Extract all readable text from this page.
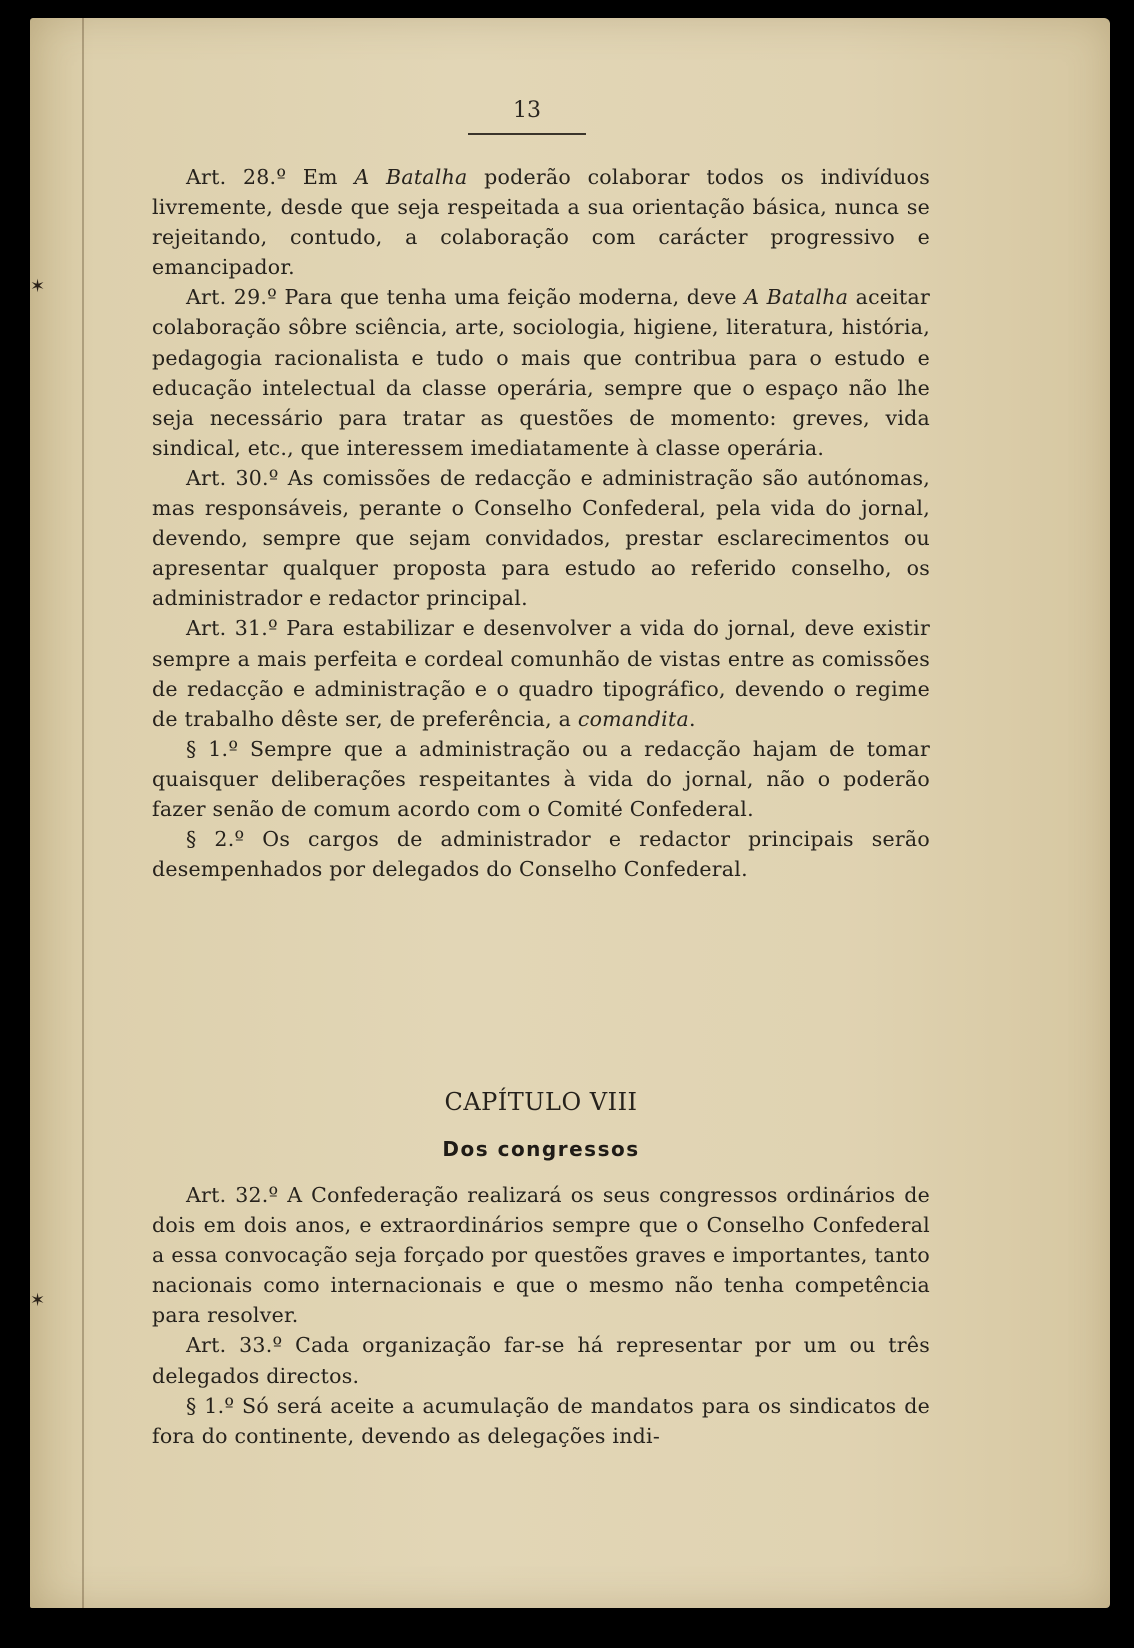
✶
✶
13

Art. 28.º Em A Batalha poderão colaborar todos os indivíduos livremente, desde que seja respeitada a sua orientação básica, nunca se rejeitando, contudo, a colaboração com carácter progressivo e emancipador.

Art. 29.º Para que tenha uma feição moderna, deve A Batalha aceitar colaboração sôbre sciência, arte, sociologia, higiene, literatura, história, pedagogia racionalista e tudo o mais que contribua para o estudo e educação intelectual da classe operária, sempre que o espaço não lhe seja necessário para tratar as questões de momento: greves, vida sindical, etc., que interessem imediatamente à classe operária.

Art. 30.º As comissões de redacção e administração são autónomas, mas responsáveis, perante o Conselho Confederal, pela vida do jornal, devendo, sempre que sejam convidados, prestar esclarecimentos ou apresentar qualquer proposta para estudo ao referido conselho, os administrador e redactor principal.

Art. 31.º Para estabilizar e desenvolver a vida do jornal, deve existir sempre a mais perfeita e cordeal comunhão de vistas entre as comissões de redacção e administração e o quadro tipográfico, devendo o regime de trabalho dêste ser, de preferência, a comandita.

§ 1.º Sempre que a administração ou a redacção hajam de tomar quaisquer deliberações respeitantes à vida do jornal, não o poderão fazer senão de comum acordo com o Comité Confederal.

§ 2.º Os cargos de administrador e redactor principais serão desempenhados por delegados do Conselho Confederal.

CAPÍTULO VIII
Dos congressos

Art. 32.º A Confederação realizará os seus congressos ordinários de dois em dois anos, e extraordinários sempre que o Conselho Confederal a essa convocação seja forçado por questões graves e importantes, tanto nacionais como internacionais e que o mesmo não tenha competência para resolver.

Art. 33.º Cada organização far-se há representar por um ou três delegados directos.

§ 1.º Só será aceite a acumulação de mandatos para os sindicatos de fora do continente, devendo as delegações indi-
